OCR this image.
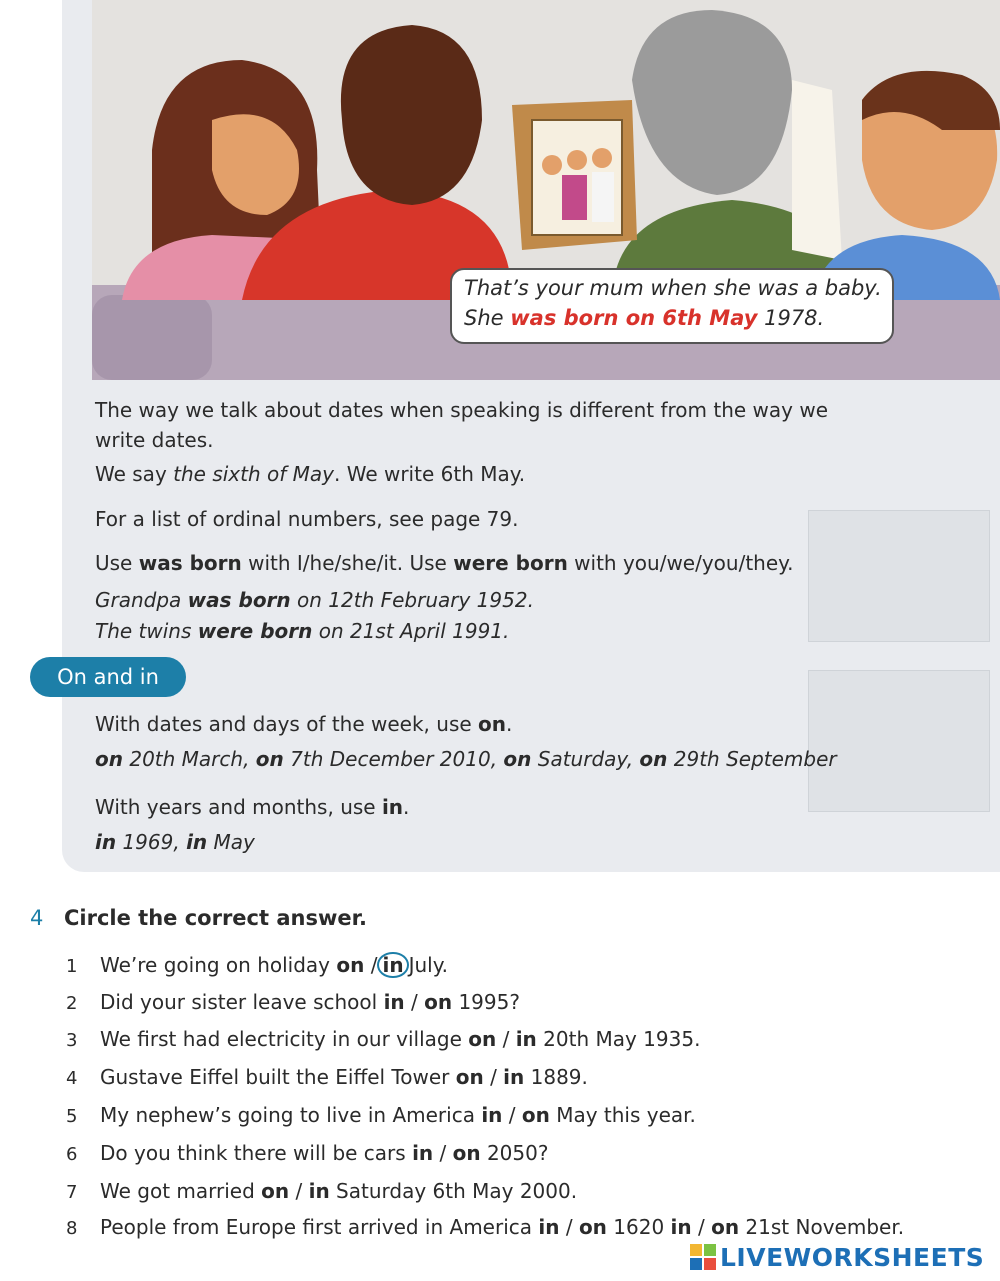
That’s your mum when she was a baby.
She was born on 6th May 1978.
The way we talk about dates when speaking is different from the way we
write dates.
We say the sixth of May. We write 6th May.
For a list of ordinal numbers, see page 79.
Use was born with I/he/she/it. Use were born with you/we/you/they.
Grandpa was born on 12th February 1952.
The twins were born on 21st April 1991.
On and in
With dates and days of the week, use on.
on 20th March, on 7th December 2010, on Saturday, on 29th September
With years and months, use in.
in 1969, in May
4 Circle the correct answer.
1 We’re going on holiday on / in July.
2 Did your sister leave school in / on 1995?
3 We first had electricity in our village on / in 20th May 1935.
4 Gustave Eiffel built the Eiffel Tower on / in 1889.
5 My nephew’s going to live in America in / on May this year.
6 Do you think there will be cars in / on 2050?
7 We got married on / in Saturday 6th May 2000.
8 People from Europe first arrived in America in / on 1620 in / on 21st November.
LIVEWORKSHEETS
